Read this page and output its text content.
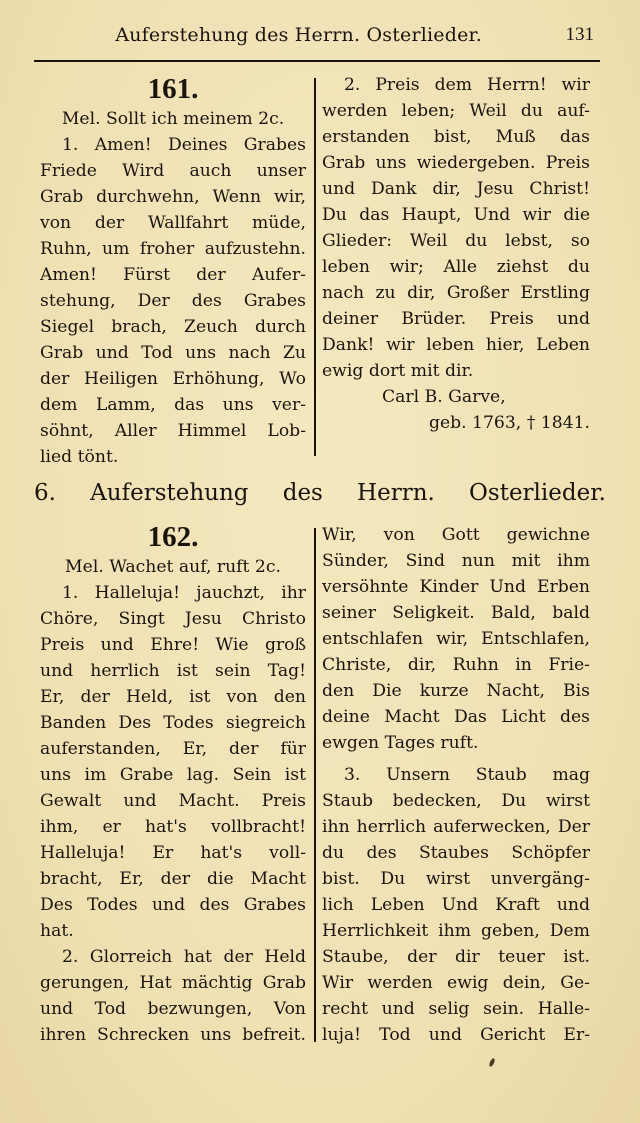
Auferstehung des Herrn. Osterlieder.	131
161.
Mel. Sollt ich meinem 2c.
1. Amen! Deines Grabes
Friede Wird auch unser
Grab durchwehn, Wenn wir,
von der Wallfahrt müde,
Ruhn, um froher aufzustehn.
Amen! Fürst der Aufer-
stehung, Der des Grabes
Siegel brach, Zeuch durch
Grab und Tod uns nach Zu
der Heiligen Erhöhung, Wo
dem Lamm, das uns ver-
söhnt, Aller Himmel Lob-
lied tönt.
2. Preis dem Herrn! wir
werden leben; Weil du auf-
erstanden bist, Muß das
Grab uns wiedergeben. Preis
und Dank dir, Jesu Christ!
Du das Haupt, Und wir die
Glieder: Weil du lebst, so
leben wir; Alle ziehst du
nach zu dir, Großer Erstling
deiner Brüder. Preis und
Dank! wir leben hier, Leben
ewig dort mit dir.
Carl B. Garve,
geb. 1763, † 1841.
6. Auferstehung des Herrn. Osterlieder.
162.
Mel. Wachet auf, ruft 2c.
1. Halleluja! jauchzt, ihr
Chöre, Singt Jesu Christo
Preis und Ehre! Wie groß
und herrlich ist sein Tag!
Er, der Held, ist von den
Banden Des Todes siegreich
auferstanden, Er, der für
uns im Grabe lag. Sein ist
Gewalt und Macht. Preis
ihm, er hat's vollbracht!
Halleluja! Er hat's voll-
bracht, Er, der die Macht
Des Todes und des Grabes
hat.
2. Glorreich hat der Held
gerungen, Hat mächtig Grab
und Tod bezwungen, Von
ihren Schrecken uns befreit.
Wir, von Gott gewichne
Sünder, Sind nun mit ihm
versöhnte Kinder Und Erben
seiner Seligkeit. Bald, bald
entschlafen wir, Entschlafen,
Christe, dir, Ruhn in Frie-
den Die kurze Nacht, Bis
deine Macht Das Licht des
ewgen Tages ruft.
3. Unsern Staub mag
Staub bedecken, Du wirst
ihn herrlich auferwecken, Der
du des Staubes Schöpfer
bist. Du wirst unvergäng-
lich Leben Und Kraft und
Herrlichkeit ihm geben, Dem
Staube, der dir teuer ist.
Wir werden ewig dein, Ge-
recht und selig sein. Halle-
luja! Tod und Gericht Er-
